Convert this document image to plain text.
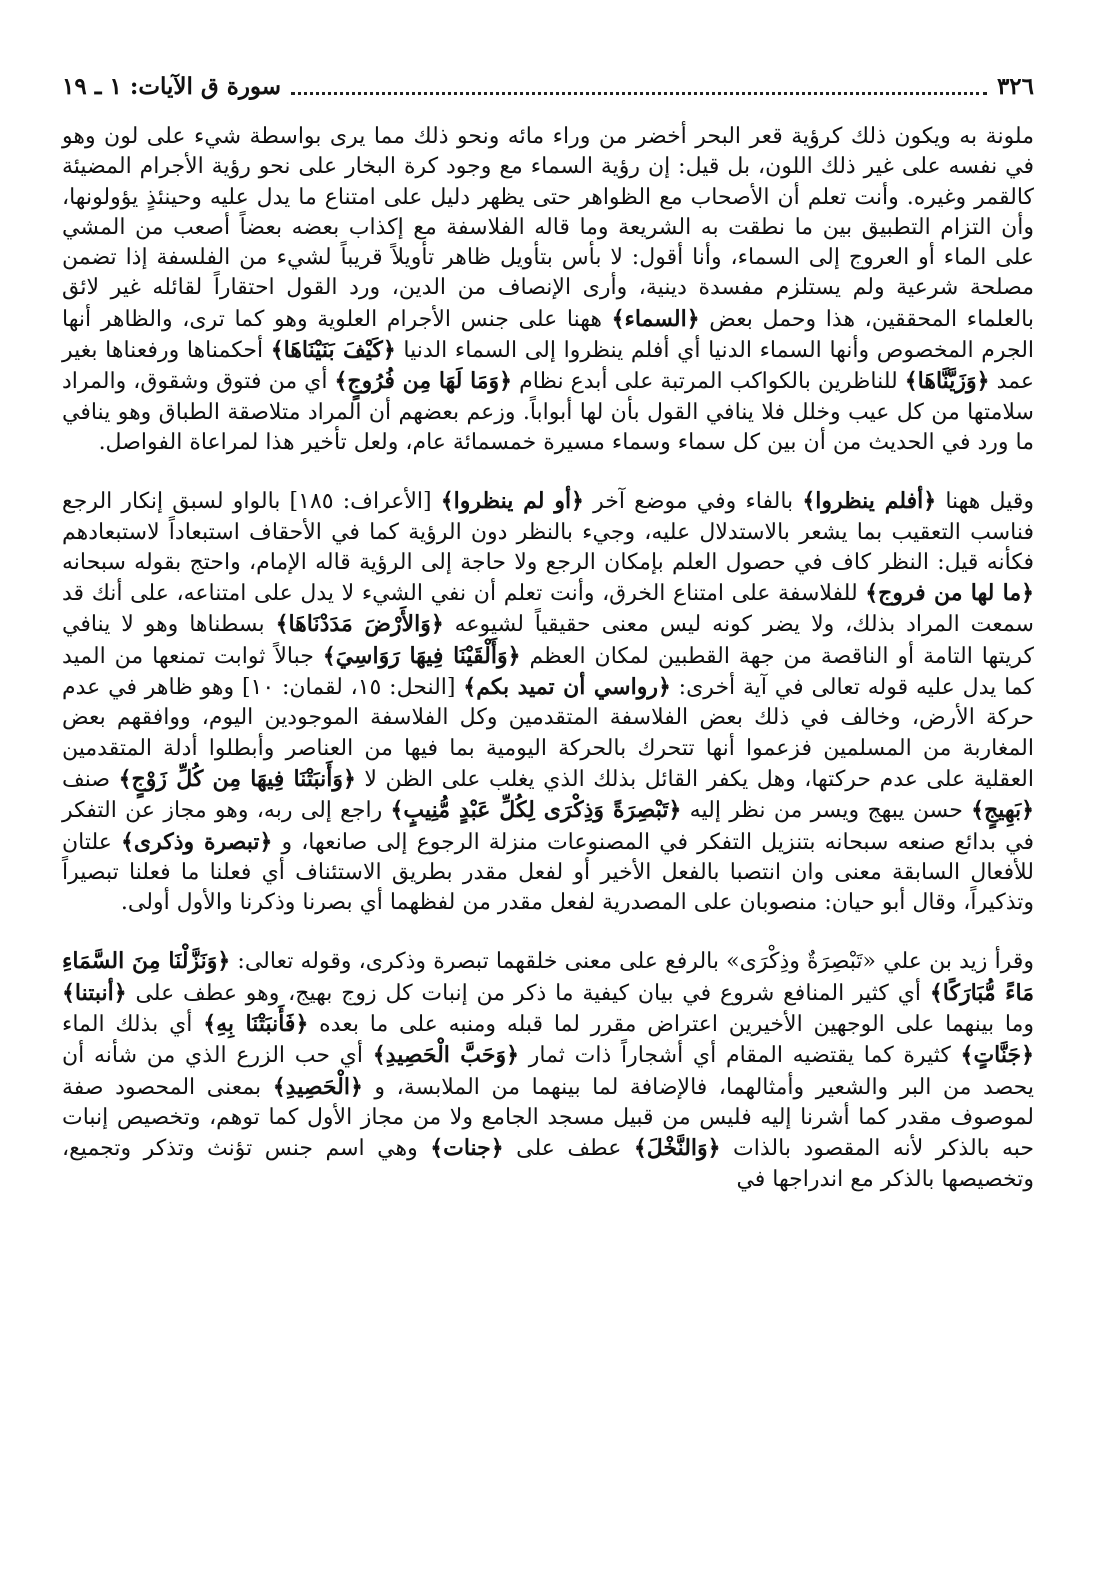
٣٢٦
سورة ق الآيات: ١ ـ ١٩

ملونة به ويكون ذلك كرؤية قعر البحر أخضر من وراء مائه ونحو ذلك مما يرى بواسطة شيء على لون وهو في نفسه على غير ذلك اللون، بل قيل: إن رؤية السماء مع وجود كرة البخار على نحو رؤية الأجرام المضيئة كالقمر وغيره. وأنت تعلم أن الأصحاب مع الظواهر حتى يظهر دليل على امتناع ما يدل عليه وحينئذٍ يؤولونها، وأن التزام التطبيق بين ما نطقت به الشريعة وما قاله الفلاسفة مع إكذاب بعضه بعضاً أصعب من المشي على الماء أو العروج إلى السماء، وأنا أقول: لا بأس بتأويل ظاهر تأويلاً قريباً لشيء من الفلسفة إذا تضمن مصلحة شرعية ولم يستلزم مفسدة دينية، وأرى الإنصاف من الدين، ورد القول احتقاراً لقائله غير لائق بالعلماء المحققين، هذا وحمل بعض ﴿السماء﴾ ههنا على جنس الأجرام العلوية وهو كما ترى، والظاهر أنها الجرم المخصوص وأنها السماء الدنيا أي أفلم ينظروا إلى السماء الدنيا ﴿كَيْفَ بَنَيْنَاهَا﴾ أحكمناها ورفعناها بغير عمد ﴿وَزَيَّنَّاهَا﴾ للناظرين بالكواكب المرتبة على أبدع نظام ﴿وَمَا لَهَا مِن فُرُوجٍ﴾ أي من فتوق وشقوق، والمراد سلامتها من كل عيب وخلل فلا ينافي القول بأن لها أبواباً. وزعم بعضهم أن المراد متلاصقة الطباق وهو ينافي ما ورد في الحديث من أن بين كل سماء وسماء مسيرة خمسمائة عام، ولعل تأخير هذا لمراعاة الفواصل.

وقيل ههنا ﴿أفلم ينظروا﴾ بالفاء وفي موضع آخر ﴿أو لم ينظروا﴾ [الأعراف: ١٨٥] بالواو لسبق إنكار الرجع فناسب التعقيب بما يشعر بالاستدلال عليه، وجيء بالنظر دون الرؤية كما في الأحقاف استبعاداً لاستبعادهم فكأنه قيل: النظر كاف في حصول العلم بإمكان الرجع ولا حاجة إلى الرؤية قاله الإمام، واحتج بقوله سبحانه ﴿ما لها من فروج﴾ للفلاسفة على امتناع الخرق، وأنت تعلم أن نفي الشيء لا يدل على امتناعه، على أنك قد سمعت المراد بذلك، ولا يضر كونه ليس معنى حقيقياً لشيوعه ﴿وَالأَرْضَ مَدَدْنَاهَا﴾ بسطناها وهو لا ينافي كريتها التامة أو الناقصة من جهة القطبين لمكان العظم ﴿وَأَلْقَيْنَا فِيهَا رَوَاسِيَ﴾ جبالاً ثوابت تمنعها من الميد كما يدل عليه قوله تعالى في آية أخرى: ﴿رواسي أن تميد بكم﴾ [النحل: ١٥، لقمان: ١٠] وهو ظاهر في عدم حركة الأرض، وخالف في ذلك بعض الفلاسفة المتقدمين وكل الفلاسفة الموجودين اليوم، ووافقهم بعض المغاربة من المسلمين فزعموا أنها تتحرك بالحركة اليومية بما فيها من العناصر وأبطلوا أدلة المتقدمين العقلية على عدم حركتها، وهل يكفر القائل بذلك الذي يغلب على الظن لا ﴿وَأَنبَتْنَا فِيهَا مِن كُلِّ زَوْجٍ﴾ صنف ﴿بَهِيجٍ﴾ حسن يبهج ويسر من نظر إليه ﴿تَبْصِرَةً وَذِكْرَى لِكُلِّ عَبْدٍ مُّنِيبٍ﴾ راجع إلى ربه، وهو مجاز عن التفكر في بدائع صنعه سبحانه بتنزيل التفكر في المصنوعات منزلة الرجوع إلى صانعها، و ﴿تبصرة وذكرى﴾ علتان للأفعال السابقة معنى وان انتصبا بالفعل الأخير أو لفعل مقدر بطريق الاستئناف أي فعلنا ما فعلنا تبصيراً وتذكيراً، وقال أبو حيان: منصوبان على المصدرية لفعل مقدر من لفظهما أي بصرنا وذكرنا والأول أولى.

وقرأ زيد بن علي «تَبْصِرَةٌ وذِكْرَى» بالرفع على معنى خلقهما تبصرة وذكرى، وقوله تعالى: ﴿وَنَزَّلْنَا مِنَ السَّمَاءِ مَاءً مُّبَارَكًا﴾ أي كثير المنافع شروع في بيان كيفية ما ذكر من إنبات كل زوج بهيج، وهو عطف على ﴿أنبتنا﴾ وما بينهما على الوجهين الأخيرين اعتراض مقرر لما قبله ومنبه على ما بعده ﴿فَأَنبَتْنَا بِهِ﴾ أي بذلك الماء ﴿جَنَّاتٍ﴾ كثيرة كما يقتضيه المقام أي أشجاراً ذات ثمار ﴿وَحَبَّ الْحَصِيدِ﴾ أي حب الزرع الذي من شأنه أن يحصد من البر والشعير وأمثالهما، فالإضافة لما بينهما من الملابسة، و ﴿الْحَصِيدِ﴾ بمعنى المحصود صفة لموصوف مقدر كما أشرنا إليه فليس من قبيل مسجد الجامع ولا من مجاز الأول كما توهم، وتخصيص إنبات حبه بالذكر لأنه المقصود بالذات ﴿وَالنَّخْلَ﴾ عطف على ﴿جنات﴾ وهي اسم جنس تؤنث وتذكر وتجميع، وتخصيصها بالذكر مع اندراجها في
